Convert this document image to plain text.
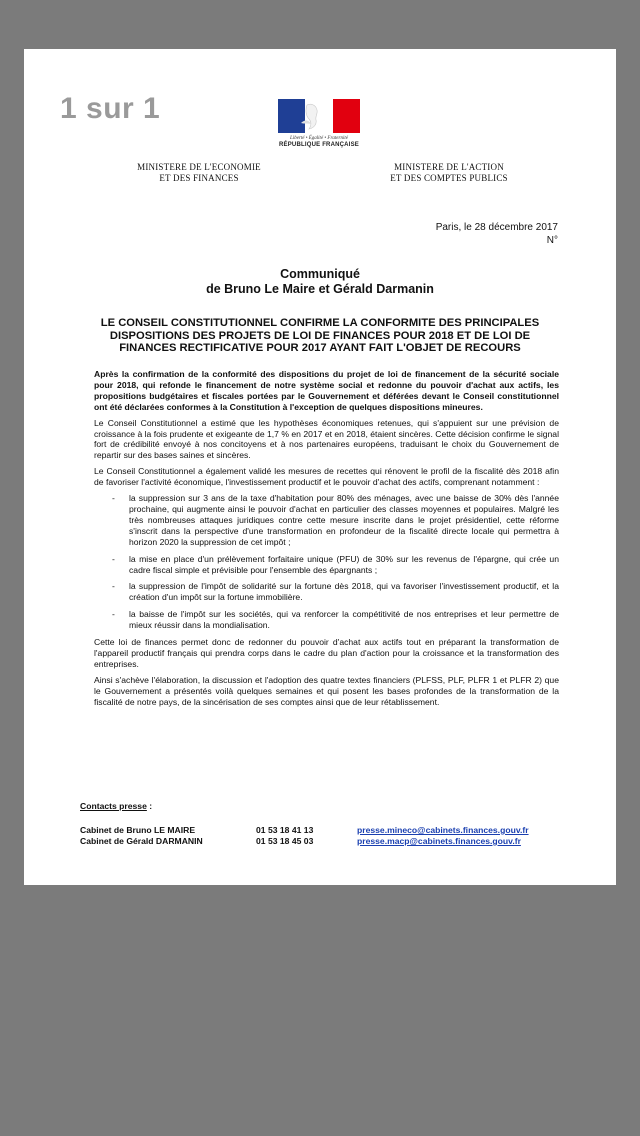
Liberté • Égalité • Fraternité
RÉPUBLIQUE FRANÇAISE
MINISTERE DE L'ECONOMIE
ET DES FINANCES
MINISTERE DE L'ACTION
ET DES COMPTES PUBLICS
Paris, le 28 décembre 2017
N°
Communiqué
de Bruno Le Maire et Gérald Darmanin
LE CONSEIL CONSTITUTIONNEL CONFIRME LA CONFORMITE DES PRINCIPALES DISPOSITIONS DES PROJETS DE LOI DE FINANCES POUR 2018 ET DE LOI DE FINANCES RECTIFICATIVE POUR 2017 AYANT FAIT L'OBJET DE RECOURS

Après la confirmation de la conformité des dispositions du projet de loi de financement de la sécurité sociale pour 2018, qui refonde le financement de notre système social et redonne du pouvoir d'achat aux actifs, les propositions budgétaires et fiscales portées par le Gouvernement et déférées devant le Conseil constitutionnel ont été déclarées conformes à la Constitution à l'exception de quelques dispositions mineures.

Le Conseil Constitutionnel a estimé que les hypothèses économiques retenues, qui s'appuient sur une prévision de croissance à la fois prudente et exigeante de 1,7 % en 2017 et en 2018, étaient sincères. Cette décision confirme le signal fort de crédibilité envoyé à nos concitoyens et à nos partenaires européens, traduisant le choix du Gouvernement de repartir sur des bases saines et sincères.

Le Conseil Constitutionnel a également validé les mesures de recettes qui rénovent le profil de la fiscalité dès 2018 afin de favoriser l'activité économique, l'investissement productif et le pouvoir d'achat des actifs, comprenant notamment :

- la suppression sur 3 ans de la taxe d'habitation pour 80% des ménages, avec une baisse de 30% dès l'année prochaine, qui augmente ainsi le pouvoir d'achat en particulier des classes moyennes et populaires. Malgré les très nombreuses attaques juridiques contre cette mesure inscrite dans le projet présidentiel, cette réforme s'inscrit dans la perspective d'une transformation en profondeur de la fiscalité directe locale qui permettra à horizon 2020 la suppression de cet impôt ;
- la mise en place d'un prélèvement forfaitaire unique (PFU) de 30% sur les revenus de l'épargne, qui crée un cadre fiscal simple et prévisible pour l'ensemble des épargnants ;
- la suppression de l'impôt de solidarité sur la fortune dès 2018, qui va favoriser l'investissement productif, et la création d'un impôt sur la fortune immobilière.
- la baisse de l'impôt sur les sociétés, qui va renforcer la compétitivité de nos entreprises et leur permettre de mieux réussir dans la mondialisation.

Cette loi de finances permet donc de redonner du pouvoir d'achat aux actifs tout en préparant la transformation de l'appareil productif français qui prendra corps dans le cadre du plan d'action pour la croissance et la transformation des entreprises.

Ainsi s'achève l'élaboration, la discussion et l'adoption des quatre textes financiers (PLFSS, PLF, PLFR 1 et PLFR 2) que le Gouvernement a présentés voilà quelques semaines et qui posent les bases profondes de la transformation de la fiscalité de notre pays, de la sincérisation de ses comptes ainsi que de leur rétablissement.

Contacts presse :
Cabinet de Bruno LE MAIRE	01 53 18 41 13	presse.mineco@cabinets.finances.gouv.fr
Cabinet de Gérald DARMANIN	01 53 18 45 03	presse.macp@cabinets.finances.gouv.fr
1 sur 1
